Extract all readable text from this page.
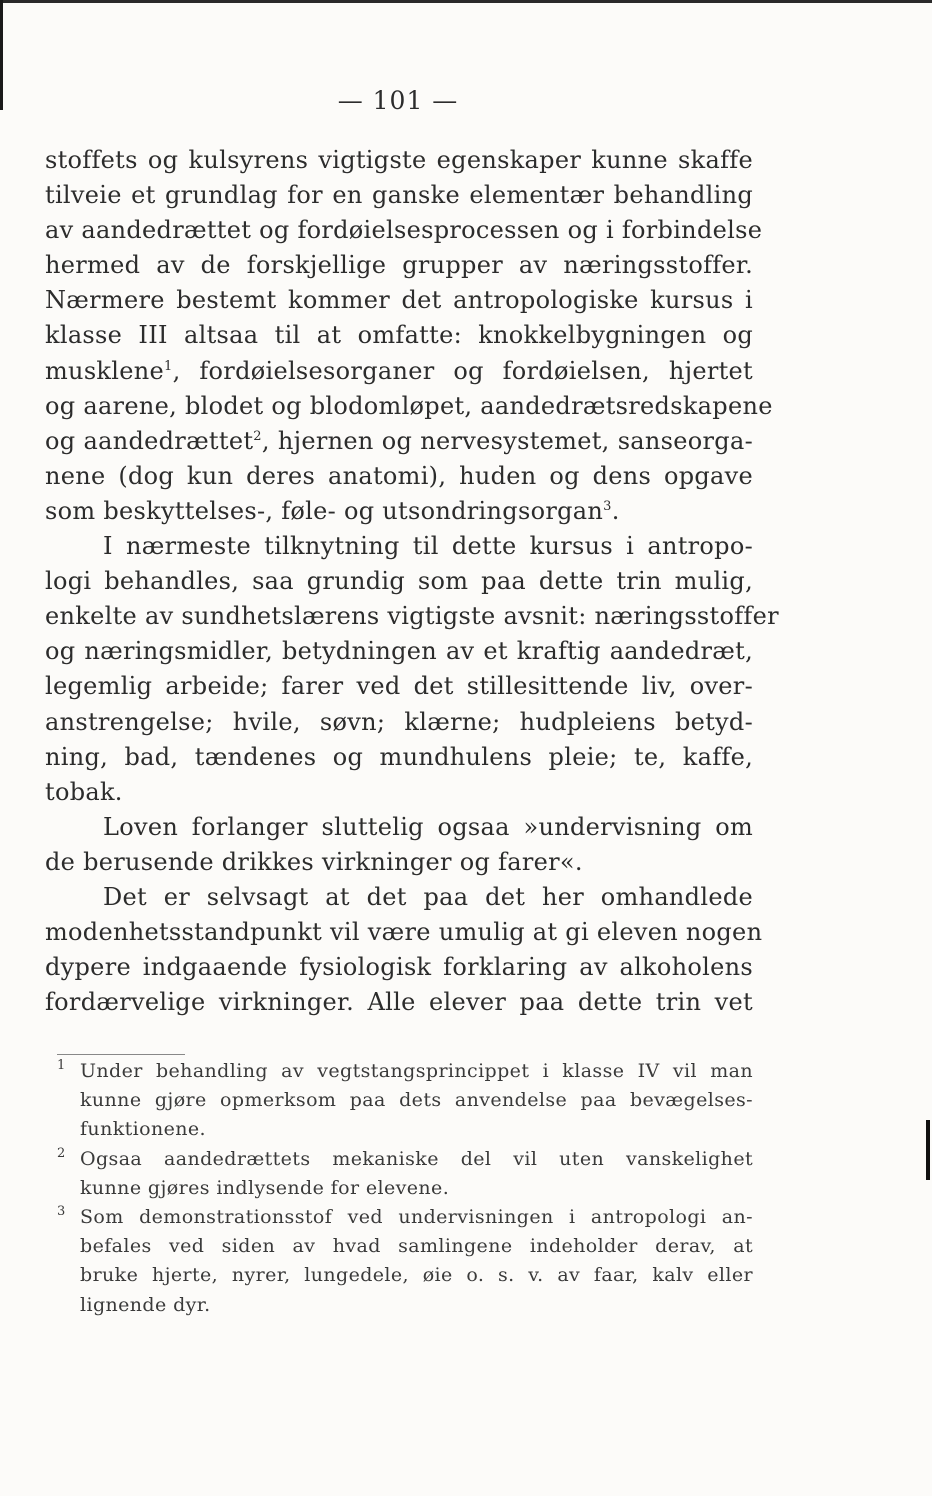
— 101 —
stoffets og kulsyrens vigtigste egenskaper kunne skaffe
tilveie et grundlag for en ganske elementær behandling
av aandedrættet og fordøielsesprocessen og i forbindelse
hermed av de forskjellige grupper av næringsstoffer.
Nærmere bestemt kommer det antropologiske kursus i
klasse III altsaa til at omfatte: knokkelbygningen og
musklene$^1$, fordøielsesorganer og fordøielsen, hjertet
og aarene, blodet og blodomløpet, aandedrætsredskapene
og aandedrættet$^2$, hjernen og nervesystemet, sanseorga-
nene (dog kun deres anatomi), huden og dens opgave
som beskyttelses-, føle- og utsondringsorgan$^3$.
I nærmeste tilknytning til dette kursus i antropo-
logi behandles, saa grundig som paa dette trin mulig,
enkelte av sundhetslærens vigtigste avsnit: næringsstoffer
og næringsmidler, betydningen av et kraftig aandedræt,
legemlig arbeide; farer ved det stillesittende liv, over-
anstrengelse; hvile, søvn; klærne; hudpleiens betyd-
ning, bad, tændenes og mundhulens pleie; te, kaffe,
tobak.
Loven forlanger sluttelig ogsaa »undervisning om
de berusende drikkes virkninger og farer«.
Det er selvsagt at det paa det her omhandlede
modenhetsstandpunkt vil være umulig at gi eleven nogen
dypere indgaaende fysiologisk forklaring av alkoholens
fordærvelige virkninger. Alle elever paa dette trin vet
1 Under behandling av vegtstangsprincippet i klasse IV vil man
kunne gjøre opmerksom paa dets anvendelse paa bevægelses-
funktionene.
2 Ogsaa aandedrættets mekaniske del vil uten vanskelighet
kunne gjøres indlysende for elevene.
3 Som demonstrationsstof ved undervisningen i antropologi an-
befales ved siden av hvad samlingene indeholder derav, at
bruke hjerte, nyrer, lungedele, øie o. s. v. av faar, kalv eller
lignende dyr.
